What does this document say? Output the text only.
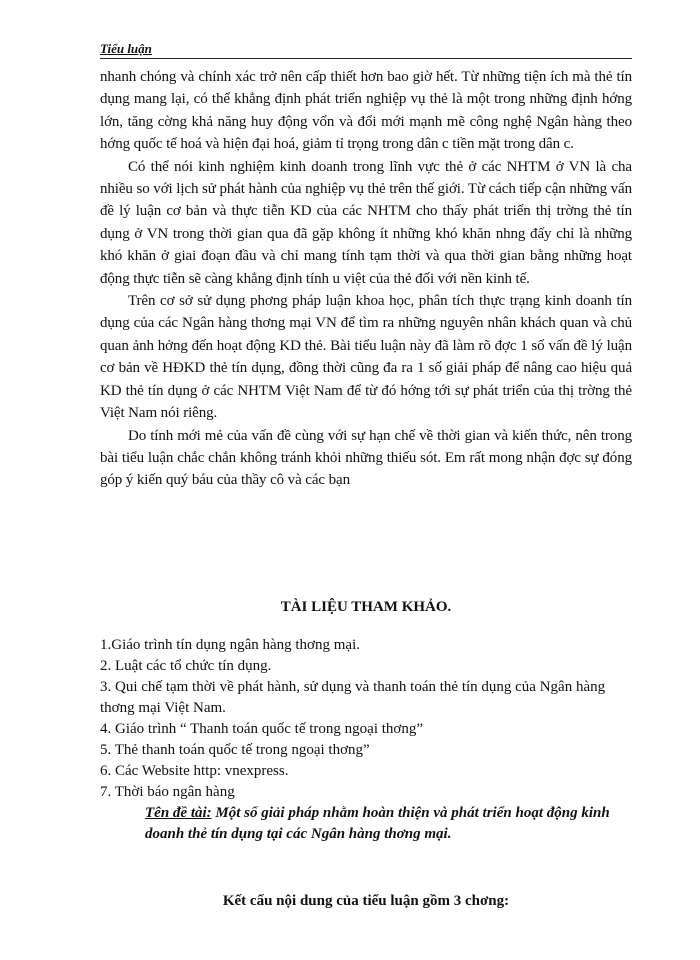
Tiểu luận

nhanh chóng và chính xác trở nên cấp thiết hơn bao giờ hết. Từ những tiện ích mà thẻ tín dụng mang lại, có thể khẳng định phát triển nghiệp vụ thẻ là một trong những định hớng lớn, tăng cờng khả năng huy động vốn và đổi mới mạnh mẽ công nghệ Ngân hàng theo hớng quốc tế hoá và hiện đại hoá, giảm tỉ trọng trong dân c tiền mặt trong dân c.

Có thể nói kinh nghiệm kinh doanh trong lĩnh vực thẻ ở các NHTM ở VN là cha nhiều so với lịch sử phát hành của nghiệp vụ thẻ trên thế giới. Từ cách tiếp cận những vấn đề lý luận cơ bản và thực tiễn KD của các NHTM cho thấy phát triển thị trờng thẻ tín dụng ở VN trong thời gian qua đã gặp không ít những khó khăn nhng đấy chỉ là những khó khăn ở giai đoạn đầu và chỉ mang tính tạm thời và qua thời gian bằng những hoạt động thực tiễn sẽ càng khẳng định tính u việt của thẻ đối với nền kinh tế.

Trên cơ sở sử dụng phơng pháp luận khoa học, phân tích thực trạng kinh doanh tín dụng của các Ngân hàng thơng mại VN để tìm ra những nguyên nhân khách quan và chủ quan ảnh hởng đến hoạt động KD thẻ. Bài tiểu luận này đã làm rõ đợc 1 số vấn đề lý luận cơ bản về HĐKD thẻ tín dụng, đồng thời cũng đa ra 1 số giải pháp để nâng cao hiệu quả KD thẻ tín dụng ở các NHTM Việt Nam để từ đó hớng tới sự phát triển của thị trờng thẻ Việt Nam nói riêng.

Do tính mới mẻ của vấn đề cùng với sự hạn chế về thời gian và kiến thức, nên trong bài tiểu luận chắc chắn không tránh khỏi những thiếu sót. Em rất mong nhận đợc sự đóng góp ý kiến quý báu của thầy cô và các bạn

TÀI LIỆU THAM KHẢO.
1.Giáo trình tín dụng ngân hàng thơng mại.
2. Luật các tổ chức tín dụng.
3. Qui chế tạm thời về phát hành, sử dụng và thanh toán thẻ tín dụng của Ngân hàng thơng mại Việt Nam.
4. Giáo trình “ Thanh toán quốc tế trong ngoại thơng”
5. Thẻ thanh toán quốc tế trong ngoại thơng”
6. Các Website http: vnexpress.
7. Thời báo ngân hàng

Tên đề tài: Một số giải pháp nhằm hoàn thiện và phát triển hoạt động kinh doanh thẻ tín dụng tại các Ngân hàng thơng mại.

Kết cấu nội dung của tiểu luận gồm 3 chơng:
